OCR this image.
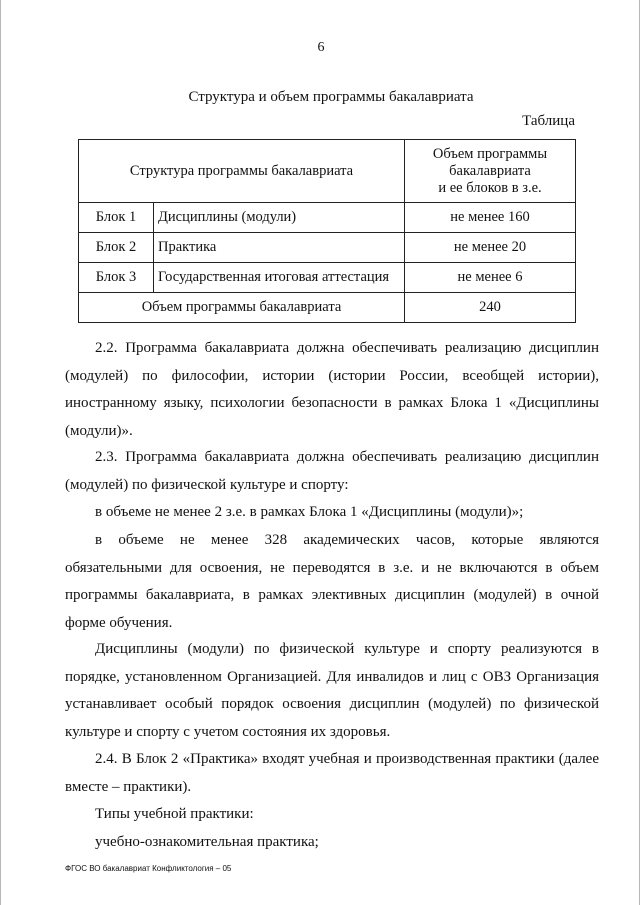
6
Структура и объем программы бакалавриата
Таблица
Структура программы бакалавриата		Объем программы
бакалавриата
и ее блоков в з.е.

Блок 1	Дисциплины (модули)	не менее 160
Блок 2	Практика	не менее 20
Блок 3	Государственная итоговая аттестация	не менее 6
Объем программы бакалавриата		240
2.2. Программа бакалавриата должна обеспечивать реализацию дисциплин (модулей) по философии, истории (истории России, всеобщей истории), иностранному языку, психологии безопасности в рамках Блока 1 «Дисциплины (модули)».
2.3. Программа бакалавриата должна обеспечивать реализацию дисциплин (модулей) по физической культуре и спорту:
в объеме не менее 2 з.е. в рамках Блока 1 «Дисциплины (модули)»;
в объеме не менее 328 академических часов, которые являются обязательными для освоения, не переводятся в з.е. и не включаются в объем программы бакалавриата, в рамках элективных дисциплин (модулей) в очной форме обучения.
Дисциплины (модули) по физической культуре и спорту реализуются в порядке, установленном Организацией. Для инвалидов и лиц с ОВЗ Организация устанавливает особый порядок освоения дисциплин (модулей) по физической культуре и спорту с учетом состояния их здоровья.
2.4. В Блок 2 «Практика» входят учебная и производственная практики (далее вместе – практики).
Типы учебной практики:
учебно-ознакомительная практика;
ФГОС ВО бакалавриат Конфликтология – 05
